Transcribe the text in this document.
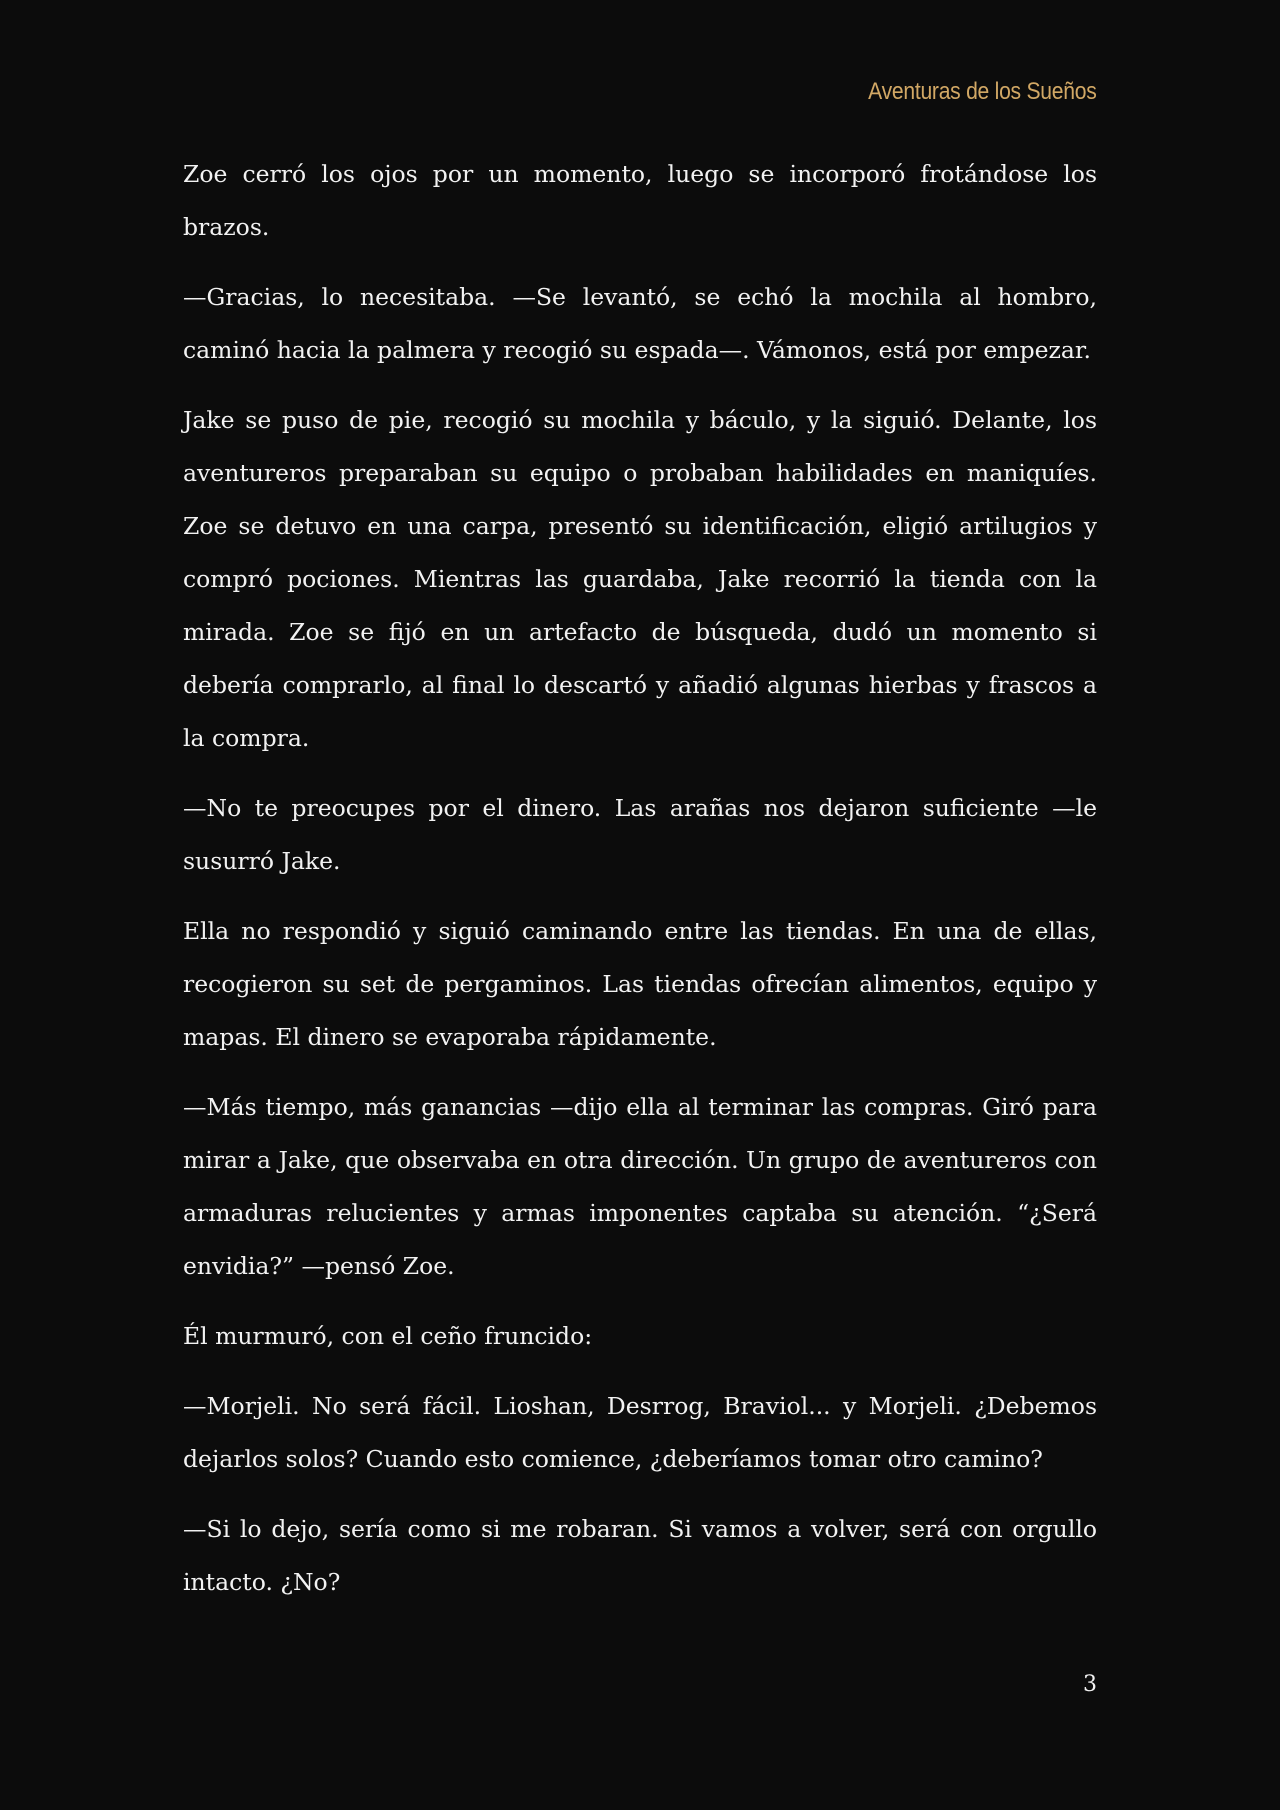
Aventuras de los Sueños

Zoe cerró los ojos por un momento, luego se incorporó frotándose los brazos.

—Gracias, lo necesitaba. —Se levantó, se echó la mochila al hombro, caminó hacia la palmera y recogió su espada—. Vámonos, está por empezar.

Jake se puso de pie, recogió su mochila y báculo, y la siguió. Delante, los aventureros preparaban su equipo o probaban habilidades en maniquíes. Zoe se detuvo en una carpa, presentó su identificación, eligió artilugios y compró pociones. Mientras las guardaba, Jake recorrió la tienda con la mirada. Zoe se fijó en un artefacto de búsqueda, dudó un momento si debería comprarlo, al final lo descartó y añadió algunas hierbas y frascos a la compra.

—No te preocupes por el dinero. Las arañas nos dejaron suficiente —le susurró Jake.

Ella no respondió y siguió caminando entre las tiendas. En una de ellas, recogieron su set de pergaminos. Las tiendas ofrecían alimentos, equipo y mapas. El dinero se evaporaba rápidamente.

—Más tiempo, más ganancias —dijo ella al terminar las compras. Giró para mirar a Jake, que observaba en otra dirección. Un grupo de aventureros con armaduras relucientes y armas imponentes captaba su atención. “¿Será envidia?” —pensó Zoe.

Él murmuró, con el ceño fruncido:

—Morjeli. No será fácil. Lioshan, Desrrog, Braviol... y Morjeli. ¿Debemos dejarlos solos? Cuando esto comience, ¿deberíamos tomar otro camino?

—Si lo dejo, sería como si me robaran. Si vamos a volver, será con orgullo intacto. ¿No?

3
